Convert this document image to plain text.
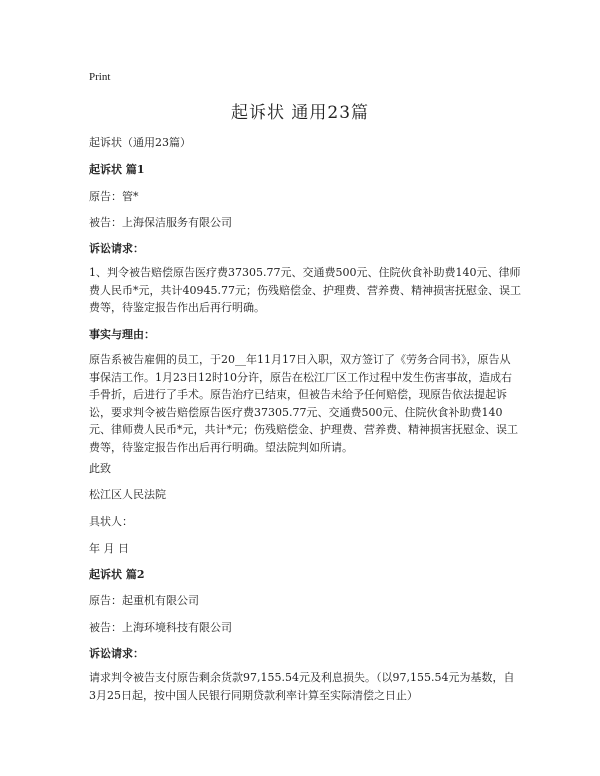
Print
起诉状 通用23篇

起诉状（通用23篇）

起诉状 篇1

原告：管*

被告：上海保洁服务有限公司

诉讼请求：

1、判令被告赔偿原告医疗费37305.77元、交通费500元、住院伙食补助费140元、律师费人民币*元，共计40945.77元；伤残赔偿金、护理费、营养费、精神损害抚慰金、误工费等，待鉴定报告作出后再行明确。

事实与理由：

原告系被告雇佣的员工，于20__年11月17日入职，双方签订了《劳务合同书》，原告从事保洁工作。1月23日12时10分许，原告在松江厂区工作过程中发生伤害事故，造成右手骨折，后进行了手术。原告治疗已结束，但被告未给予任何赔偿，现原告依法提起诉讼，要求判令被告赔偿原告医疗费37305.77元、交通费500元、住院伙食补助费140元、律师费人民币*元，共计*元；伤残赔偿金、护理费、营养费、精神损害抚慰金、误工费等，待鉴定报告作出后再行明确。望法院判如所请。

此致

松江区人民法院

具状人：

年 月 日

起诉状 篇2

原告：起重机有限公司

被告：上海环境科技有限公司

诉讼请求：

请求判令被告支付原告剩余货款97,155.54元及利息损失。（以97,155.54元为基数，自3月25日起，按中国人民银行同期贷款利率计算至实际清偿之日止）
